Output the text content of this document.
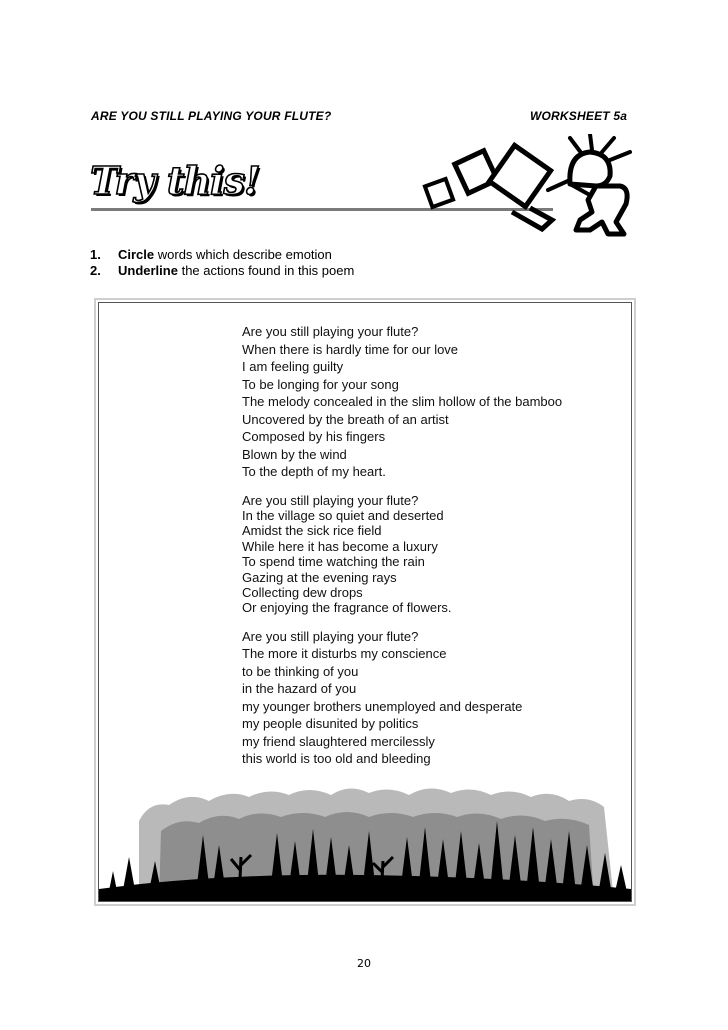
ARE YOU STILL PLAYING YOUR FLUTE?	WORKSHEET 5a
Try this!
1.	Circle words which describe emotion
2.	Underline the actions found in this poem
Are you still playing your flute?
When there is hardly time for our love
I am feeling guilty
To be longing for your song
The melody concealed in the slim hollow of the bamboo
Uncovered by the breath of an artist
Composed by his fingers
Blown by the wind
To the depth of my heart.
Are you still playing your flute?
In the village so quiet and deserted
Amidst the sick rice field
While here it has become a luxury
To spend time watching the rain
Gazing at the evening rays
Collecting dew drops
Or enjoying the fragrance of flowers.
Are you still playing your flute?
The more it disturbs my conscience
to be thinking of you
in the hazard of you
my younger brothers unemployed and desperate
my people disunited by politics
my friend slaughtered mercilessly
this world is too old and bleeding
20
